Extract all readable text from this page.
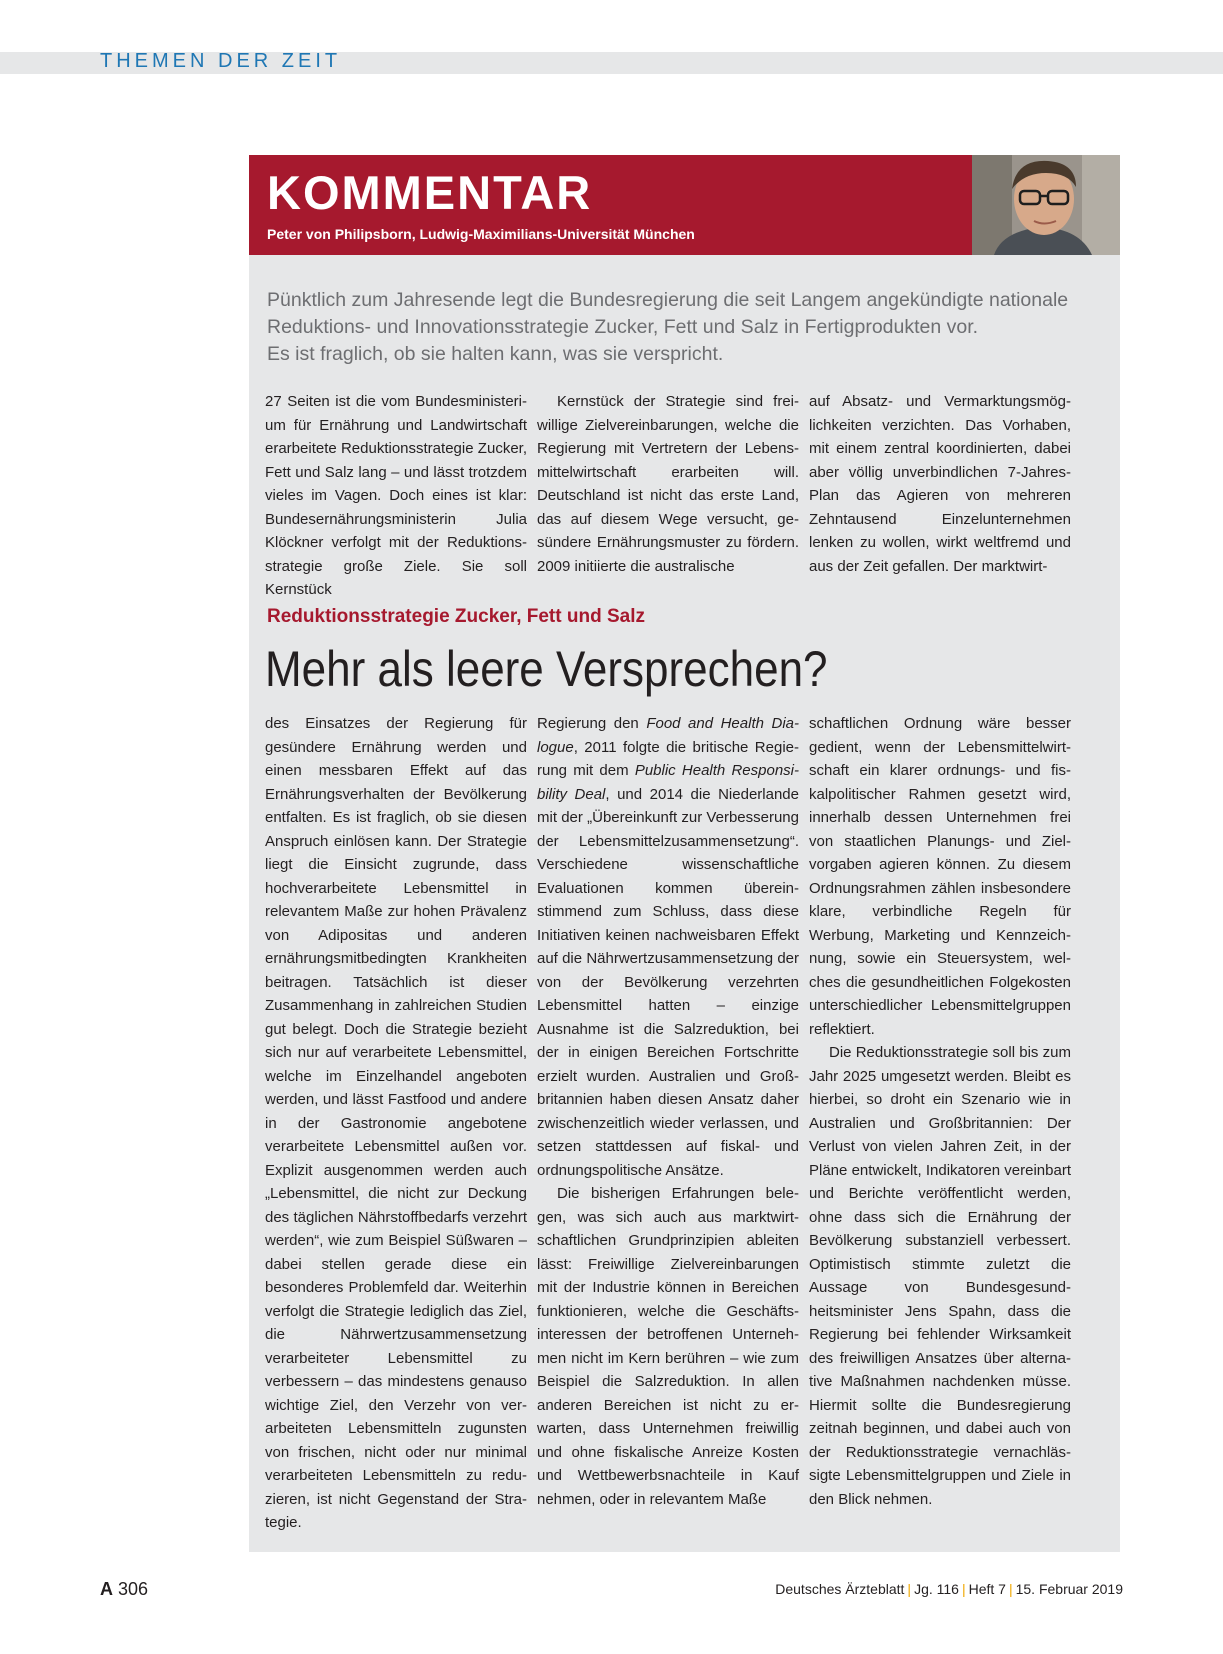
THEMEN DER ZEIT
KOMMENTAR
Peter von Philipsborn, Ludwig-Maximilians-Universität München
Pünktlich zum Jahresende legt die Bundesregierung die seit Langem angekündigte nationale
Reduktions- und Innovationsstrategie Zucker, Fett und Salz in Fertigprodukten vor.
Es ist fraglich, ob sie halten kann, was sie verspricht.

27 Seiten ist die vom Bundesministerium für Ernährung und Landwirtschaft erarbeitete Reduktionsstrategie Zucker, Fett und Salz lang – und lässt trotzdem vieles im Vagen. Doch eines ist klar: Bundesernährungsministerin Julia Klöckner verfolgt mit der Reduktionsstrategie große Ziele. Sie soll Kernstück

Kernstück der Strategie sind freiwillige Zielvereinbarungen, welche die Regierung mit Vertretern der Lebensmittelwirtschaft erarbeiten will. Deutschland ist nicht das erste Land, das auf diesem Wege versucht, gesündere Ernährungsmuster zu fördern. 2009 initiierte die australische

auf Absatz- und Vermarktungsmöglichkeiten verzichten. Das Vorhaben, mit einem zentral koordinierten, dabei aber völlig unverbindlichen 7-Jahres-Plan das Agieren von mehreren Zehntausend Einzelunternehmen lenken zu wollen, wirkt weltfremd und aus der Zeit gefallen. Der marktwirt-

Reduktionsstrategie Zucker, Fett und Salz
Mehr als leere Versprechen?

des Einsatzes der Regierung für gesündere Ernährung werden und einen messbaren Effekt auf das Ernährungsverhalten der Bevölkerung entfalten. Es ist fraglich, ob sie diesen Anspruch einlösen kann. Der Strategie liegt die Einsicht zugrunde, dass hochverarbeitete Lebensmittel in relevantem Maße zur hohen Prävalenz von Adipositas und anderen ernährungsmitbedingten Krankheiten beitragen. Tatsächlich ist dieser Zusammenhang in zahlreichen Studien gut belegt. Doch die Strategie bezieht sich nur auf verarbeitete Lebensmittel, welche im Einzelhandel angeboten werden, und lässt Fastfood und andere in der Gastronomie angebotene verarbeitete Lebensmittel außen vor. Explizit ausgenommen werden auch „Lebensmittel, die nicht zur Deckung des täglichen Nährstoffbedarfs verzehrt werden“, wie zum Beispiel Süßwaren – dabei stellen gerade diese ein besonderes Problemfeld dar. Weiterhin verfolgt die Strategie lediglich das Ziel, die Nährwertzusammensetzung verarbeiteter Lebensmittel zu verbessern – das mindestens genauso wichtige Ziel, den Verzehr von verarbeiteten Lebensmitteln zugunsten von frischen, nicht oder nur minimal verarbeiteten Lebensmitteln zu reduzieren, ist nicht Gegenstand der Strategie.

Regierung den Food and Health Dialogue, 2011 folgte die britische Regierung mit dem Public Health Responsibility Deal, und 2014 die Niederlande mit der „Übereinkunft zur Verbesserung der Lebensmittelzusammensetzung“. Verschiedene wissenschaftliche Evaluationen kommen übereinstimmend zum Schluss, dass diese Initiativen keinen nachweisbaren Effekt auf die Nährwertzusammensetzung der von der Bevölkerung verzehrten Lebensmittel hatten – einzige Ausnahme ist die Salzreduktion, bei der in einigen Bereichen Fortschritte erzielt wurden. Australien und Großbritannien haben diesen Ansatz daher zwischenzeitlich wieder verlassen, und setzen stattdessen auf fiskal- und ordnungspolitische Ansätze.

Die bisherigen Erfahrungen belegen, was sich auch aus marktwirtschaftlichen Grundprinzipien ableiten lässt: Freiwillige Zielvereinbarungen mit der Industrie können in Bereichen funktionieren, welche die Geschäftsinteressen der betroffenen Unternehmen nicht im Kern berühren – wie zum Beispiel die Salzreduktion. In allen anderen Bereichen ist nicht zu erwarten, dass Unternehmen freiwillig und ohne fiskalische Anreize Kosten und Wettbewerbsnachteile in Kauf nehmen, oder in relevantem Maße

schaftlichen Ordnung wäre besser gedient, wenn der Lebensmittelwirtschaft ein klarer ordnungs- und fiskalpolitischer Rahmen gesetzt wird, innerhalb dessen Unternehmen frei von staatlichen Planungs- und Zielvorgaben agieren können. Zu diesem Ordnungsrahmen zählen insbesondere klare, verbindliche Regeln für Werbung, Marketing und Kennzeichnung, sowie ein Steuersystem, welches die gesundheitlichen Folgekosten unterschiedlicher Lebensmittelgruppen reflektiert.

Die Reduktionsstrategie soll bis zum Jahr 2025 umgesetzt werden. Bleibt es hierbei, so droht ein Szenario wie in Australien und Großbritannien: Der Verlust von vielen Jahren Zeit, in der Pläne entwickelt, Indikatoren vereinbart und Berichte veröffentlicht werden, ohne dass sich die Ernährung der Bevölkerung substanziell verbessert. Optimistisch stimmte zuletzt die Aussage von Bundesgesundheitsminister Jens Spahn, dass die Regierung bei fehlender Wirksamkeit des freiwilligen Ansatzes über alternative Maßnahmen nachdenken müsse. Hiermit sollte die Bundesregierung zeitnah beginnen, und dabei auch von der Reduktionsstrategie vernachlässigte Lebensmittelgruppen und Ziele in den Blick nehmen.

A 306	Deutsches Ärzteblatt | Jg. 116 | Heft 7 | 15. Februar 2019
